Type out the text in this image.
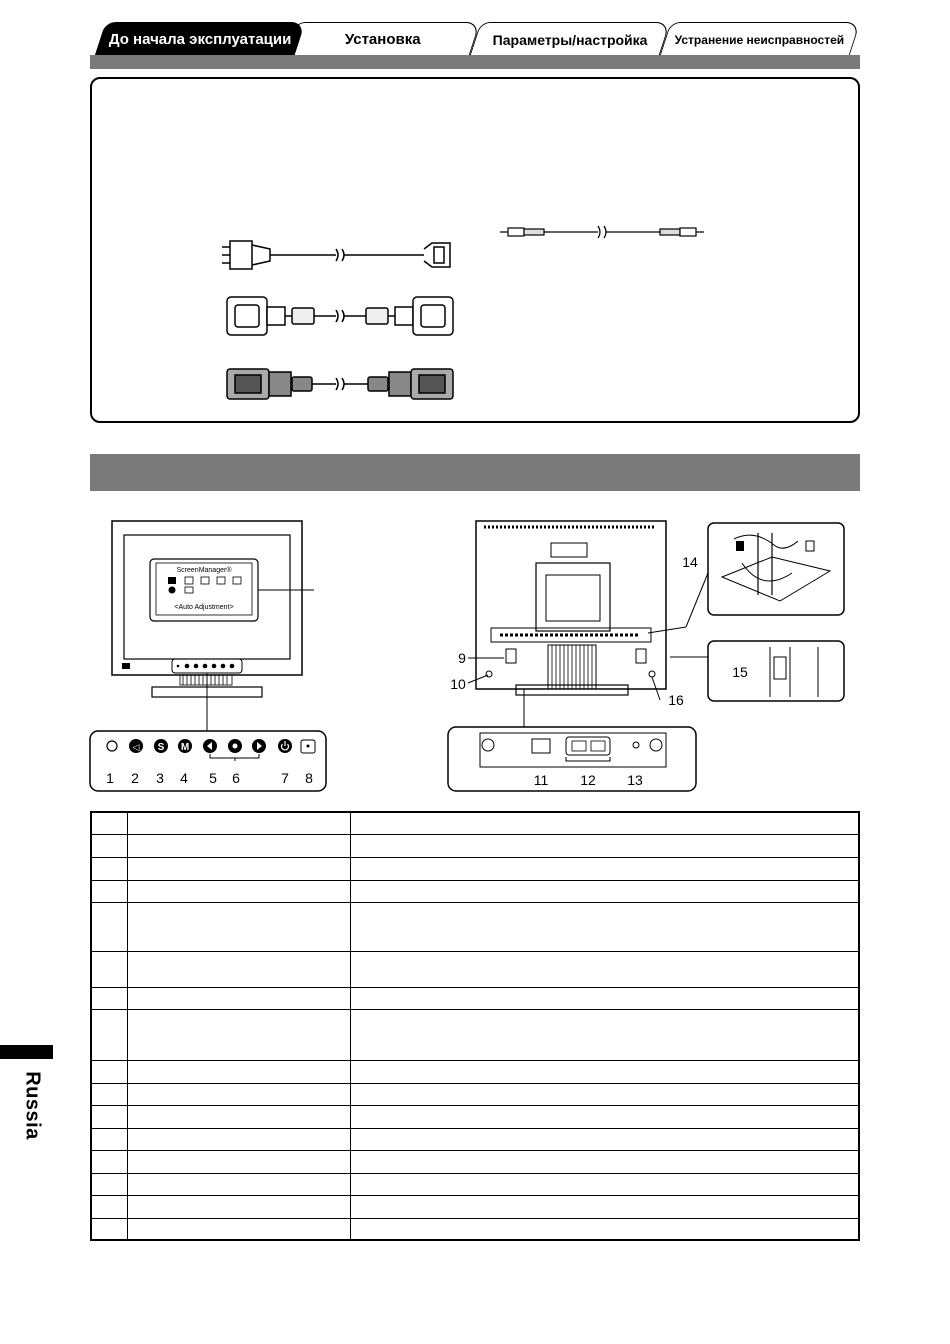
Устранение неисправностей
Параметры/настройка
Установка
До начала эксплуатации
ScreenManager®
<Auto Adjustment>
◁ S M
1 2 3 4 5 6	7 8
9
10
11 12 13
14
15
16

Russia
